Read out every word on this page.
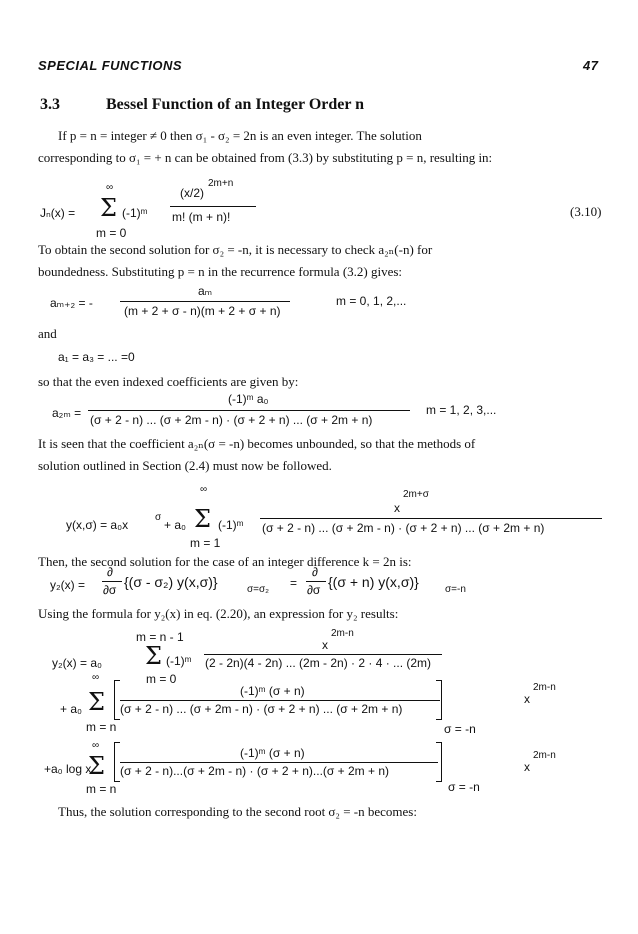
SPECIAL FUNCTIONS	47
3.3	Bessel Function of an Integer Order n
If p = n = integer ≠ 0 then σ₁ - σ₂ = 2n is an even integer. The solution
corresponding to σ₁ = + n can be obtained from (3.3) by substituting p = n, resulting in:
Jₙ(x) =
∞
Σ
m = 0
(-1)ᵐ
(x/2)
2m+n
m! (m + n)!	(3.10)
To obtain the second solution for σ₂ = -n, it is necessary to check a₂ₙ(-n) for
boundedness. Substituting p = n in the recurrence formula (3.2) gives:
aₘ₊₂ = -
aₘ
(m + 2 + σ - n)(m + 2 + σ + n)
m = 0, 1, 2,...
and
a₁ = a₃ = ... =0
so that the even indexed coefficients are given by:
a₂ₘ =
(-1)ᵐ a₀
(σ + 2 - n) ... (σ + 2m - n) · (σ + 2 + n) ... (σ + 2m + n)
m = 1, 2, 3,...
It is seen that the coefficient a₂ₙ(σ = -n) becomes unbounded, so that the methods of
solution outlined in Section (2.4) must now be followed.
y(x,σ) = a₀x
σ
+ a₀
∞
Σ
m = 1
(-1)ᵐ
x
2m+σ
(σ + 2 - n) ... (σ + 2m - n) · (σ + 2 + n) ... (σ + 2m + n)
Then, the second solution for the case of an integer difference k = 2n is:
y₂(x) =
∂
∂σ {(σ - σ₂) y(x,σ)}	σ=σ₂ =
∂
∂σ {(σ + n) y(x,σ)}	σ=-n
Using the formula for y₂(x) in eq. (2.20), an expression for y₂ results:
m = n - 1
y₂(x) = a₀ Σ
m = 0
(-1)ᵐ
x
2m-n
(2 - 2n)(4 - 2n) ... (2m - 2n) · 2 · 4 · ... (2m)
∞
+ a₀ Σ
m = n
(-1)ᵐ (σ + n)
(σ + 2 - n) ... (σ + 2m - n) · (σ + 2 + n) ... (σ + 2m + n)
σ = -n
x
2m-n
∞
+a₀ log x
Σ
m = n
(-1)ᵐ (σ + n)
(σ + 2 - n)...(σ + 2m - n) · (σ + 2 + n)...(σ + 2m + n)
σ = -n
x
2m-n
Thus, the solution corresponding to the second root σ₂ = -n becomes:
